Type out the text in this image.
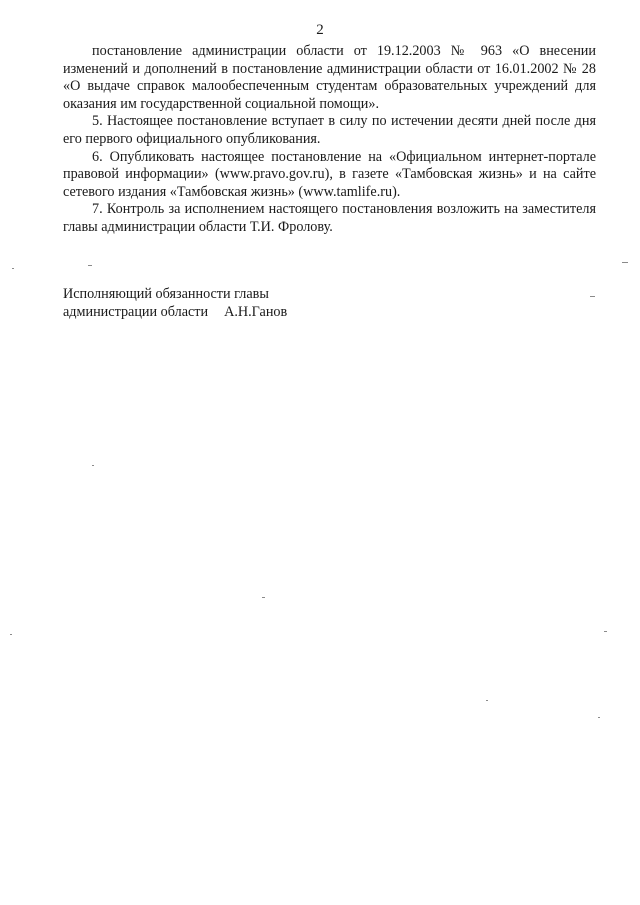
2

постановление администрации области от 19.12.2003 № 963 «О внесении изменений и дополнений в постановление администрации области от 16.01.2002 № 28 «О выдаче справок малообеспеченным студентам образовательных учреждений для оказания им государственной социальной помощи».

5. Настоящее постановление вступает в силу по истечении десяти дней после дня его первого официального опубликования.

6. Опубликовать настоящее постановление на «Официальном интернет-портале правовой информации» (www.pravo.gov.ru), в газете «Тамбовская жизнь» и на сайте сетевого издания «Тамбовская жизнь» (www.tamlife.ru).

7. Контроль за исполнением настоящего постановления возложить на заместителя главы администрации области Т.И. Фролову.

Исполняющий обязанности главы
администрации области А.Н.Ганов
